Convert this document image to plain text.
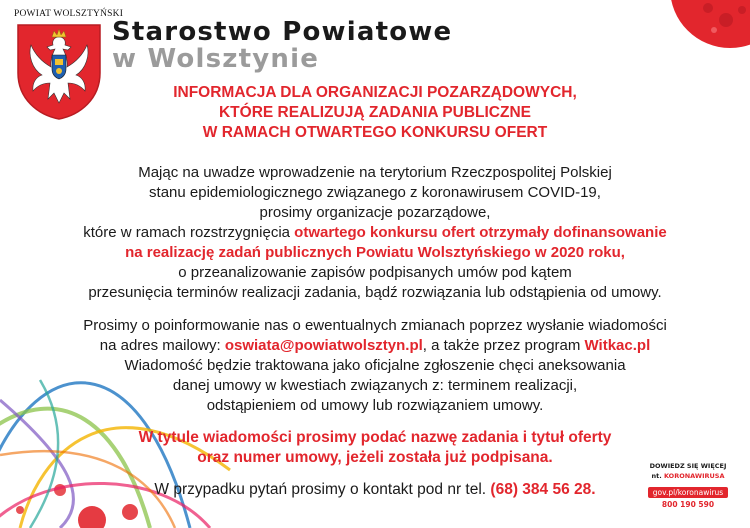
POWIAT WOLSZTYŃSKI
Starostwo Powiatowe
w Wolsztynie
INFORMACJA DLA ORGANIZACJI POZARZĄDOWYCH,
KTÓRE REALIZUJĄ ZADANIA PUBLICZNE
W RAMACH OTWARTEGO KONKURSU OFERT
Mając na uwadze wprowadzenie na terytorium Rzeczpospolitej Polskiej
stanu epidemiologicznego związanego z koronawirusem COVID-19,
prosimy organizacje pozarządowe,
które w ramach rozstrzygnięcia otwartego konkursu ofert otrzymały dofinansowanie
na realizację zadań publicznych Powiatu Wolsztyńskiego w 2020 roku,
o przeanalizowanie zapisów podpisanych umów pod kątem
przesunięcia terminów realizacji zadania, bądź rozwiązania lub odstąpienia od umowy.
Prosimy o poinformowanie nas o ewentualnych zmianach poprzez wysłanie wiadomości
na adres mailowy: oswiata@powiatwolsztyn.pl, a także przez program Witkac.pl
Wiadomość będzie traktowana jako oficjalne zgłoszenie chęci aneksowania
danej umowy w kwestiach związanych z: terminem realizacji,
odstąpieniem od umowy lub rozwiązaniem umowy.
W tytule wiadomości prosimy podać nazwę zadania i tytuł oferty
oraz numer umowy, jeżeli została już podpisana.
W przypadku pytań prosimy o kontakt pod nr tel. (68) 384 56 28.
DOWIEDZ SIĘ WIĘCEJ
nt. KORONAWIRUSA
gov.pl/koronawirus
800 190 590
